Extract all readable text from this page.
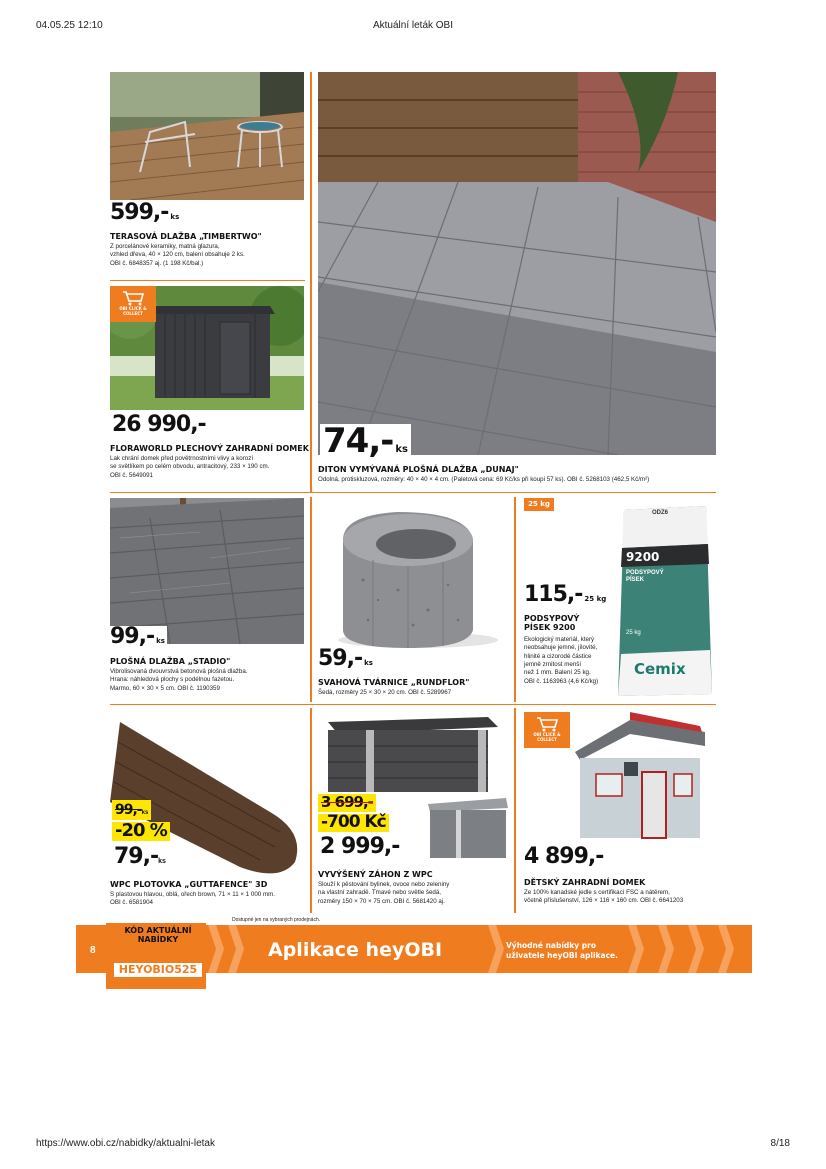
04.05.25 12:10	Aktuální leták OBI
599,- ks
TERASOVÁ DLAŽBA „TIMBERTWO"
Z porcelánové keramiky, matná glazura,
vzhled dřeva, 40 × 120 cm, balení obsahuje 2 ks.
OBI č. 6848357 aj. (1 198 Kč/bal.)
OBI CLICK & COLLECT
26 990,-
FLORAWORLD PLECHOVÝ ZAHRADNÍ DOMEK
Lak chrání domek před povětrnostními vlivy a korozí
se světlíkem po celém obvodu, antracitový, 233 × 190 cm.
OBI č. 5649091
74,- ks
DITON VYMÝVANÁ PLOŠNÁ DLAŽBA „DUNAJ"
Odolná, protiskluzová, rozměry: 40 × 40 × 4 cm. (Paletová cena: 69 Kč/ks při koupi 57 ks). OBI č. 5268103 (462,5 Kč/m²)
99,- ks
PLOŠNÁ DLAŽBA „STADIO"
Vibrolisovaná dvouvrstvá betonová plošná dlažba.
Hrana: náhledová plochy s podélnou fazetou.
Marmo, 60 × 30 × 5 cm. OBI č. 1190359
59,- ks
SVAHOVÁ TVÁRNICE „RUNDFLOR"
Šedá, rozměry 25 × 30 × 20 cm. OBI č. 5289967
25 kg
ODZ6
9200
PODSYPOVÝ
PÍSEK
25 kg
Cemix
115,- 25 kg
PODSYPOVÝ
PÍSEK 9200
Ekologický materiál, který
neobsahuje jemné, jílovité,
hlinité a cizorodé částice
jemně zrnitost menší
než 1 mm. Balení 25 kg.
OBI č. 1163963 (4,6 Kč/kg)
99,-ks
-20 %
79,-ks
WPC PLOTOVKA „GUTTAFENCE" 3D
S plastovou hlavou, oblá, ořech brown, 71 × 11 × 1 000 mm.
OBI č. 6581904
3 699,-
-700 Kč
2 999,-
VYVÝŠENÝ ZÁHON Z WPC
Slouží k pěstování bylinek, ovoce nebo zeleniny
na vlastní zahradě. Tmavé nebo světle šedá,
rozměry 150 × 70 × 75 cm. OBI č. 5681420 aj.
OBI CLICK & COLLECT
4 899,-
DĚTSKÝ ZAHRADNÍ DOMEK
Ze 100% kanadské jedle s certifikací FSC a nátěrem,
včetně příslušenství, 126 × 116 × 160 cm. OBI č. 6641203
Dostupné jen na vybraných prodejnách.
8
KÓD AKTUÁLNÍ
NABÍDKY
HEYOBIO525
Aplikace heyOBI	Výhodné nabídky pro
uživatele heyOBI aplikace.
https://www.obi.cz/nabidky/aktualni-letak	8/18
